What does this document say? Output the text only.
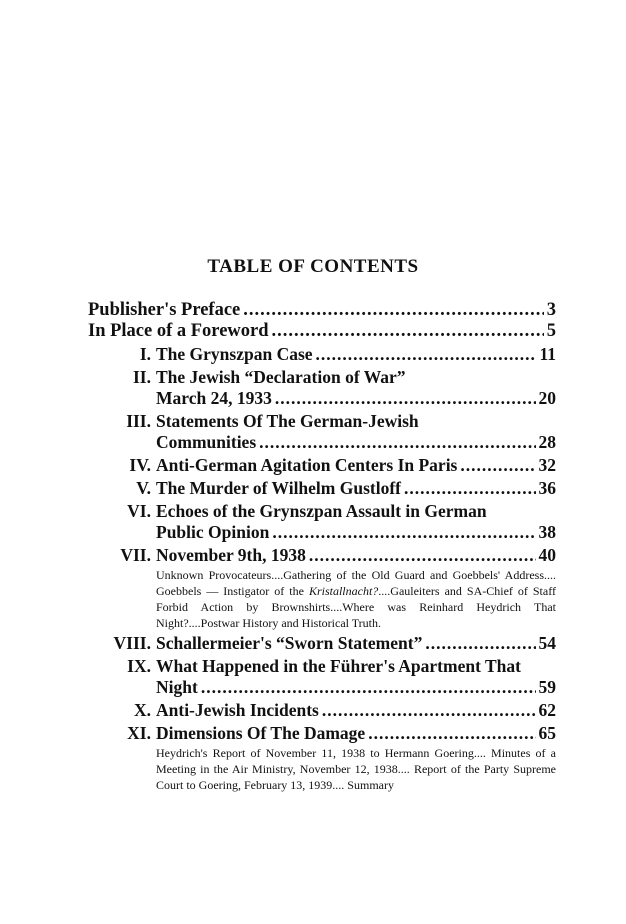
TABLE OF CONTENTS
Publisher's Preface .....	3
In Place of a Foreword .....	5
I. The Grynszpan Case .....	11
II. The Jewish “Declaration of War”
March 24, 1933 .....	20
III. Statements Of The German-Jewish
Communities .....	28
IV. Anti-German Agitation Centers In Paris .....	32
V. The Murder of Wilhelm Gustloff .....	36
VI. Echoes of the Grynszpan Assault in German
Public Opinion .....	38
VII. November 9th, 1938 .....	40
Unknown Provocateurs....Gathering of the Old Guard and Goebbels' Address.... Goebbels — Instigator of the Kristallnacht?....Gauleiters and SA-Chief of Staff Forbid Action by Brownshirts....Where was Reinhard Heydrich That Night?....Postwar History and Historical Truth.
VIII. Schallermeier's “Sworn Statement” .....	54
IX. What Happened in the Führer's Apartment That
Night .....	59
X. Anti-Jewish Incidents .....	62
XI. Dimensions Of The Damage .....	65
Heydrich's Report of November 11, 1938 to Hermann Goering.... Minutes of a Meeting in the Air Ministry, November 12, 1938.... Report of the Party Supreme Court to Goering, February 13, 1939.... Summary
